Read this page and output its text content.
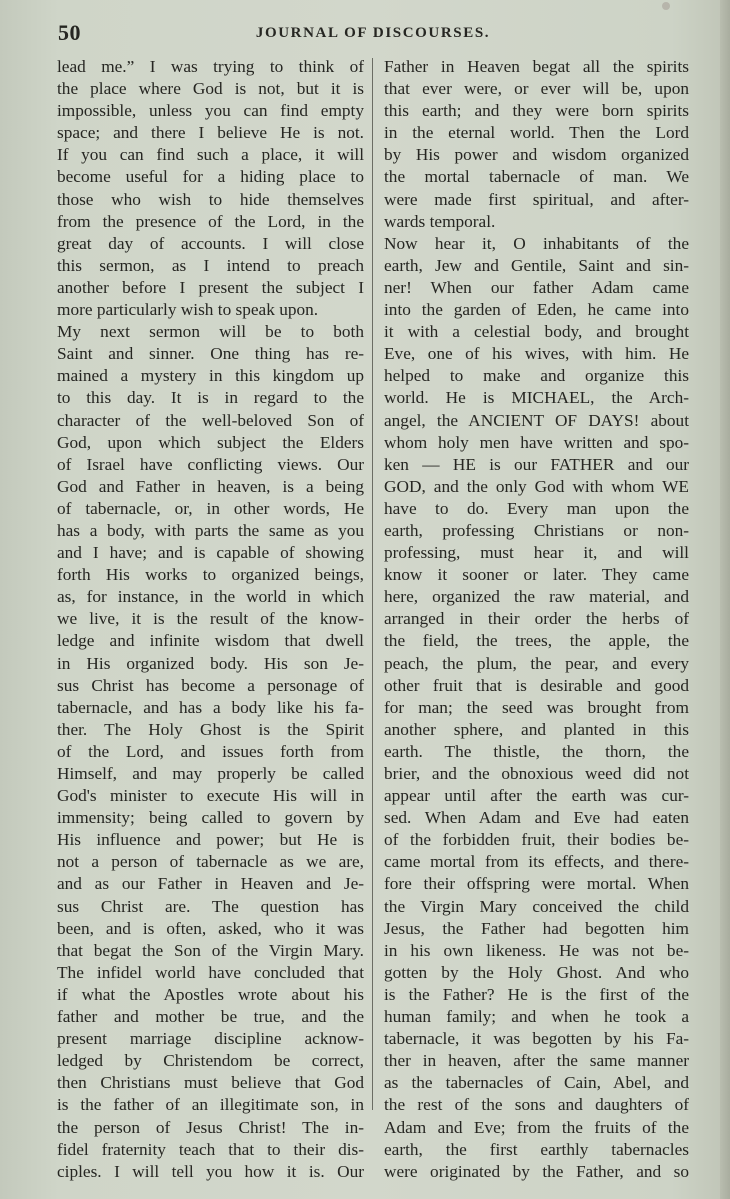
50	JOURNAL OF DISCOURSES.
lead me.” I was trying to think of
the place where God is not, but it is
impossible, unless you can find empty
space; and there I believe He is not.
If you can find such a place, it will
become useful for a hiding place to
those who wish to hide themselves
from the presence of the Lord, in the
great day of accounts. I will close
this sermon, as I intend to preach
another before I present the subject I
more particularly wish to speak upon.
My next sermon will be to both
Saint and sinner. One thing has re-
mained a mystery in this kingdom up
to this day. It is in regard to the
character of the well-beloved Son of
God, upon which subject the Elders
of Israel have conflicting views. Our
God and Father in heaven, is a being
of tabernacle, or, in other words, He
has a body, with parts the same as you
and I have; and is capable of showing
forth His works to organized beings,
as, for instance, in the world in which
we live, it is the result of the know-
ledge and infinite wisdom that dwell
in His organized body. His son Je-
sus Christ has become a personage of
tabernacle, and has a body like his fa-
ther. The Holy Ghost is the Spirit
of the Lord, and issues forth from
Himself, and may properly be called
God's minister to execute His will in
immensity; being called to govern by
His influence and power; but He is
not a person of tabernacle as we are,
and as our Father in Heaven and Je-
sus Christ are. The question has
been, and is often, asked, who it was
that begat the Son of the Virgin Mary.
The infidel world have concluded that
if what the Apostles wrote about his
father and mother be true, and the
present marriage discipline acknow-
ledged by Christendom be correct,
then Christians must believe that God
is the father of an illegitimate son, in
the person of Jesus Christ! The in-
fidel fraternity teach that to their dis-
ciples. I will tell you how it is. Our
Father in Heaven begat all the spirits
that ever were, or ever will be, upon
this earth; and they were born spirits
in the eternal world. Then the Lord
by His power and wisdom organized
the mortal tabernacle of man. We
were made first spiritual, and after-
wards temporal.
Now hear it, O inhabitants of the
earth, Jew and Gentile, Saint and sin-
ner! When our father Adam came
into the garden of Eden, he came into
it with a celestial body, and brought
Eve, one of his wives, with him. He
helped to make and organize this
world. He is MICHAEL, the Arch-
angel, the ANCIENT OF DAYS! about
whom holy men have written and spo-
ken — HE is our FATHER and our
GOD, and the only God with whom WE
have to do. Every man upon the
earth, professing Christians or non-
professing, must hear it, and will
know it sooner or later. They came
here, organized the raw material, and
arranged in their order the herbs of
the field, the trees, the apple, the
peach, the plum, the pear, and every
other fruit that is desirable and good
for man; the seed was brought from
another sphere, and planted in this
earth. The thistle, the thorn, the
brier, and the obnoxious weed did not
appear until after the earth was cur-
sed. When Adam and Eve had eaten
of the forbidden fruit, their bodies be-
came mortal from its effects, and there-
fore their offspring were mortal. When
the Virgin Mary conceived the child
Jesus, the Father had begotten him
in his own likeness. He was not be-
gotten by the Holy Ghost. And who
is the Father? He is the first of the
human family; and when he took a
tabernacle, it was begotten by his Fa-
ther in heaven, after the same manner
as the tabernacles of Cain, Abel, and
the rest of the sons and daughters of
Adam and Eve; from the fruits of the
earth, the first earthly tabernacles
were originated by the Father, and so
